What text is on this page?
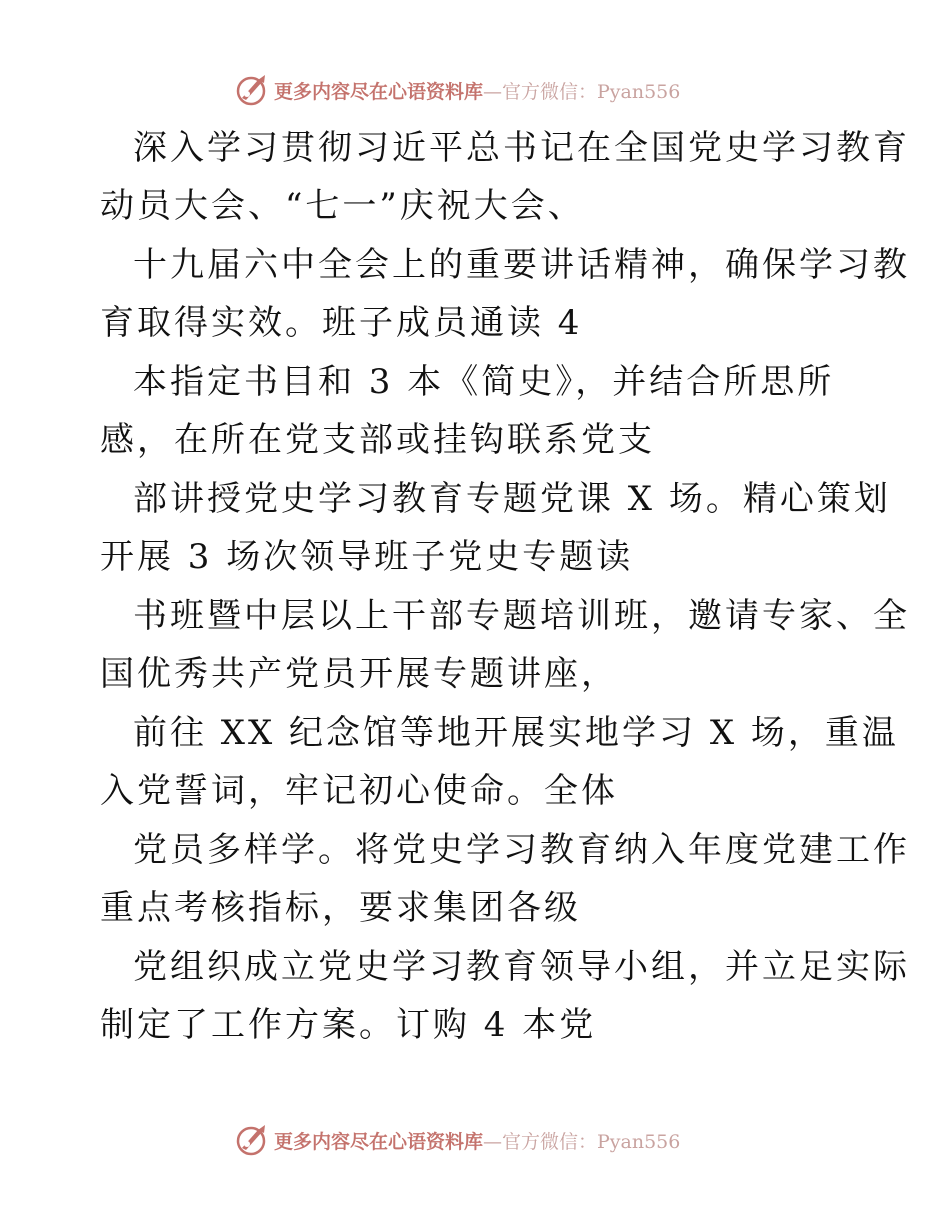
更多内容尽在心语资料库—官方微信：Pyan556
深入学习贯彻习近平总书记在全国党史学习教育
动员大会、“七一”庆祝大会、
十九届六中全会上的重要讲话精神，确保学习教
育取得实效。班子成员通读 4
本指定书目和 3 本《简史》，并结合所思所
感，在所在党支部或挂钩联系党支
部讲授党史学习教育专题党课 X 场。精心策划
开展 3 场次领导班子党史专题读
书班暨中层以上干部专题培训班，邀请专家、全
国优秀共产党员开展专题讲座，
前往 XX 纪念馆等地开展实地学习 X 场，重温
入党誓词，牢记初心使命。全体
党员多样学。将党史学习教育纳入年度党建工作
重点考核指标，要求集团各级
党组织成立党史学习教育领导小组，并立足实际
制定了工作方案。订购 4 本党
更多内容尽在心语资料库—官方微信：Pyan556
